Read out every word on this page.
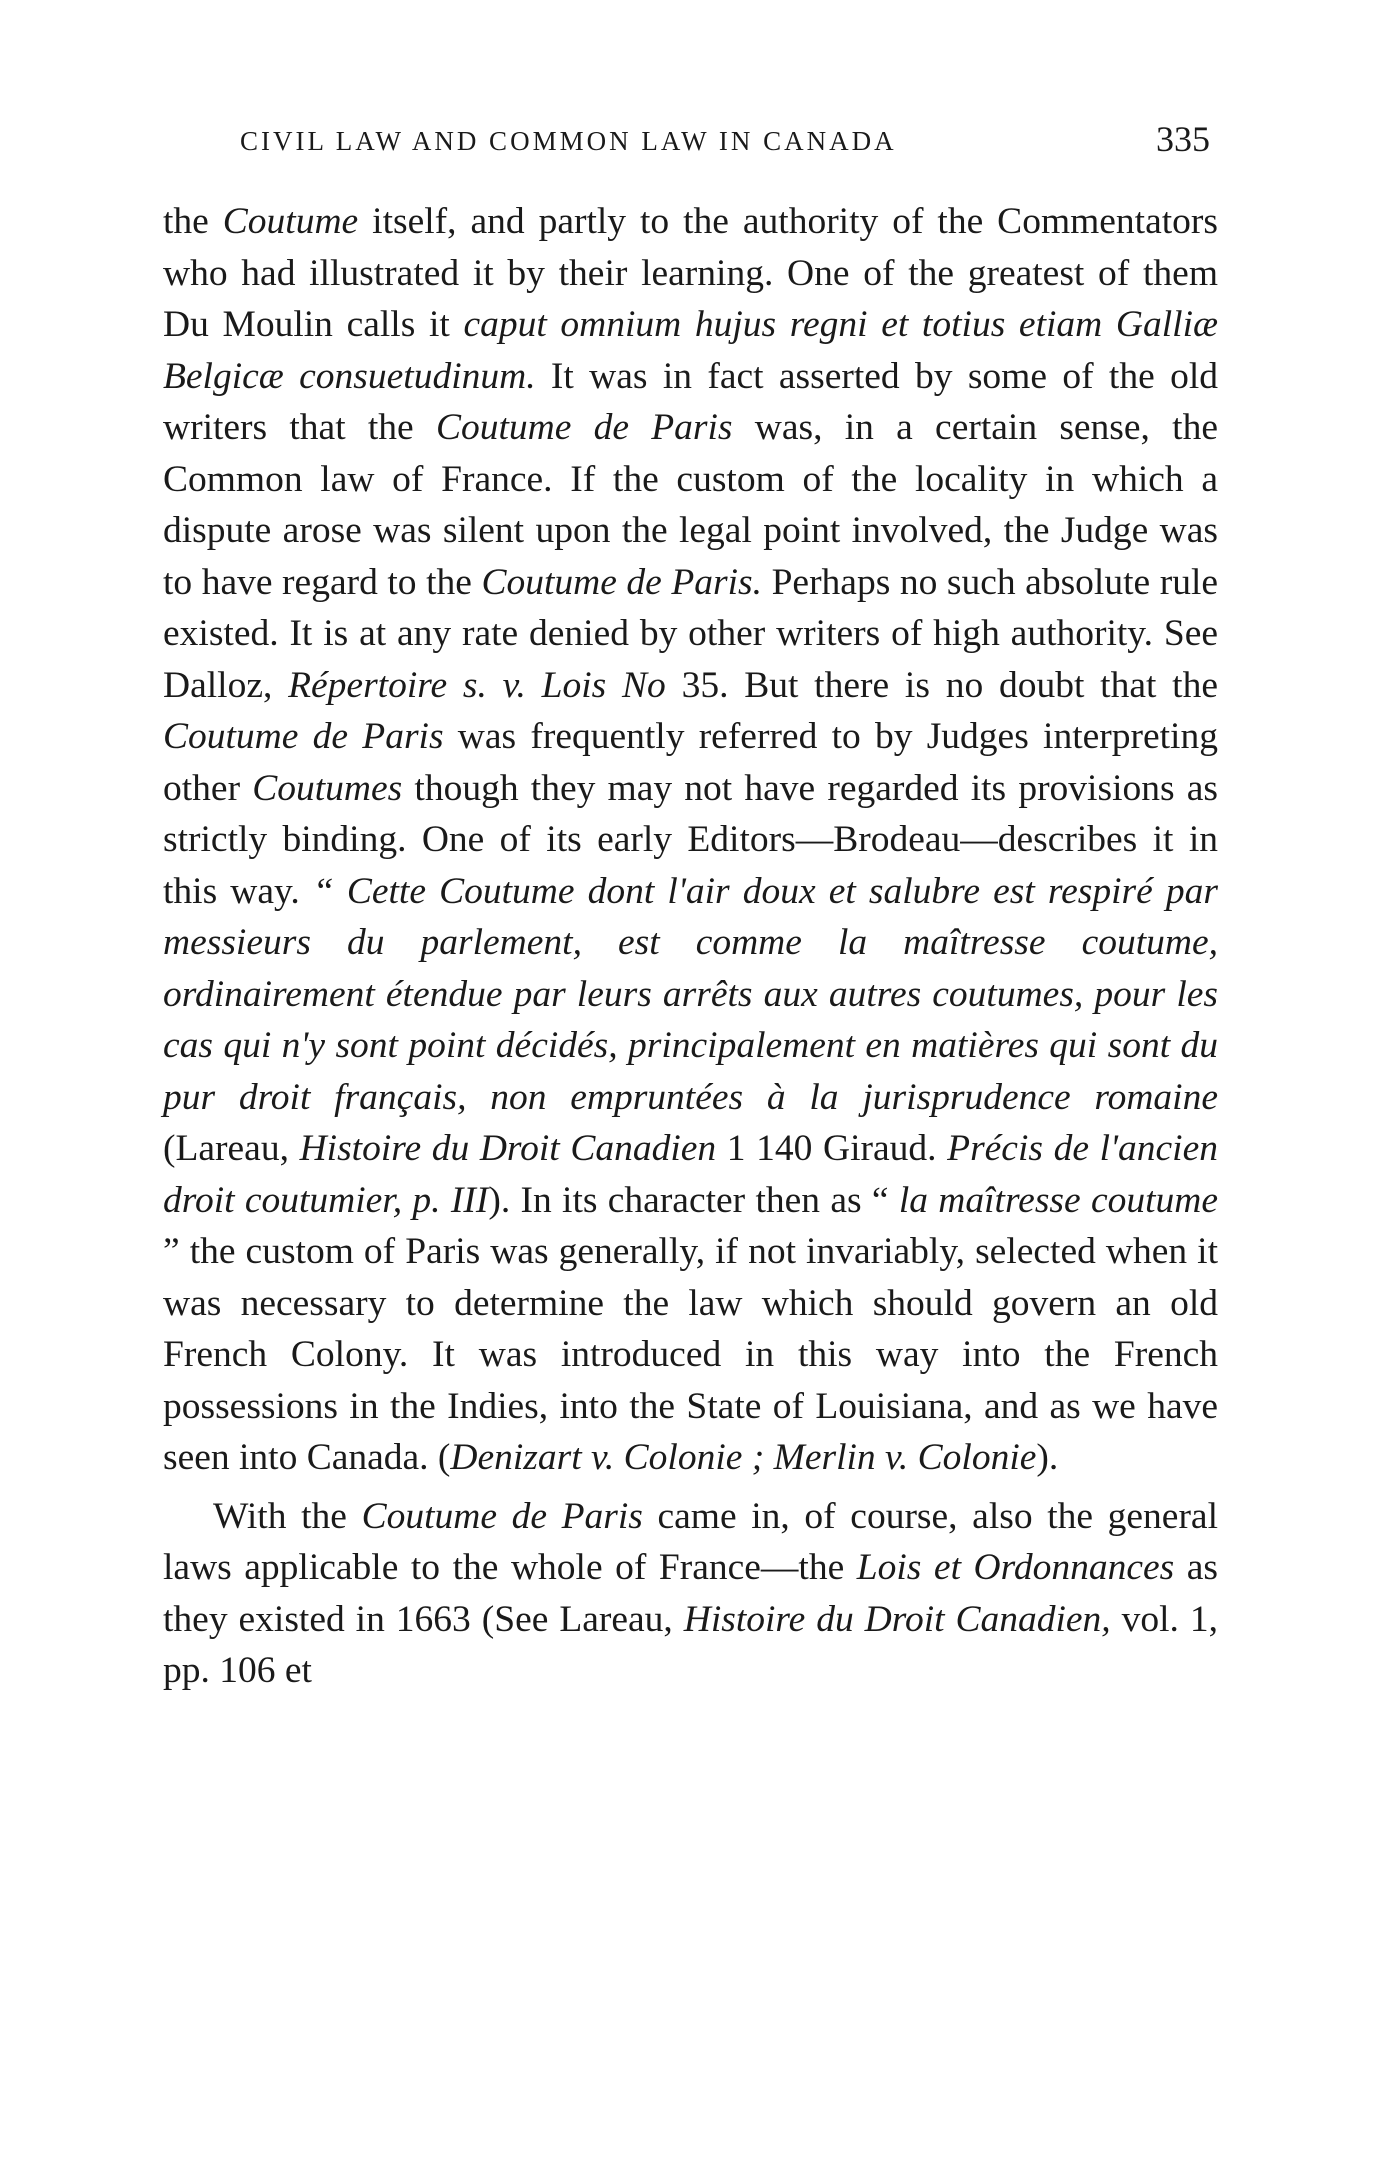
CIVIL LAW AND COMMON LAW IN CANADA	335

the Coutume itself, and partly to the authority of the Commentators who had illustrated it by their learning. One of the greatest of them Du Moulin calls it caput omnium hujus regni et totius etiam Galliæ Belgicæ consuetudinum. It was in fact asserted by some of the old writers that the Coutume de Paris was, in a certain sense, the Common law of France. If the custom of the locality in which a dispute arose was silent upon the legal point involved, the Judge was to have regard to the Coutume de Paris. Perhaps no such absolute rule existed. It is at any rate denied by other writers of high authority. See Dalloz, Répertoire s. v. Lois No 35. But there is no doubt that the Coutume de Paris was frequently referred to by Judges interpreting other Coutumes though they may not have regarded its provisions as strictly binding. One of its early Editors—Brodeau—describes it in this way. “ Cette Coutume dont l'air doux et salubre est respiré par messieurs du parlement, est comme la maîtresse coutume, ordinairement étendue par leurs arrêts aux autres coutumes, pour les cas qui n'y sont point décidés, principalement en matières qui sont du pur droit français, non empruntées à la jurisprudence romaine (Lareau, Histoire du Droit Canadien 1 140 Giraud. Précis de l'ancien droit coutumier, p. III). In its character then as “ la maîtresse coutume ” the custom of Paris was generally, if not invariably, selected when it was necessary to determine the law which should govern an old French Colony. It was introduced in this way into the French possessions in the Indies, into the State of Louisiana, and as we have seen into Canada. (Denizart v. Colonie ; Merlin v. Colonie).

With the Coutume de Paris came in, of course, also the general laws applicable to the whole of France—the Lois et Ordonnances as they existed in 1663 (See Lareau, Histoire du Droit Canadien, vol. 1, pp. 106 et
